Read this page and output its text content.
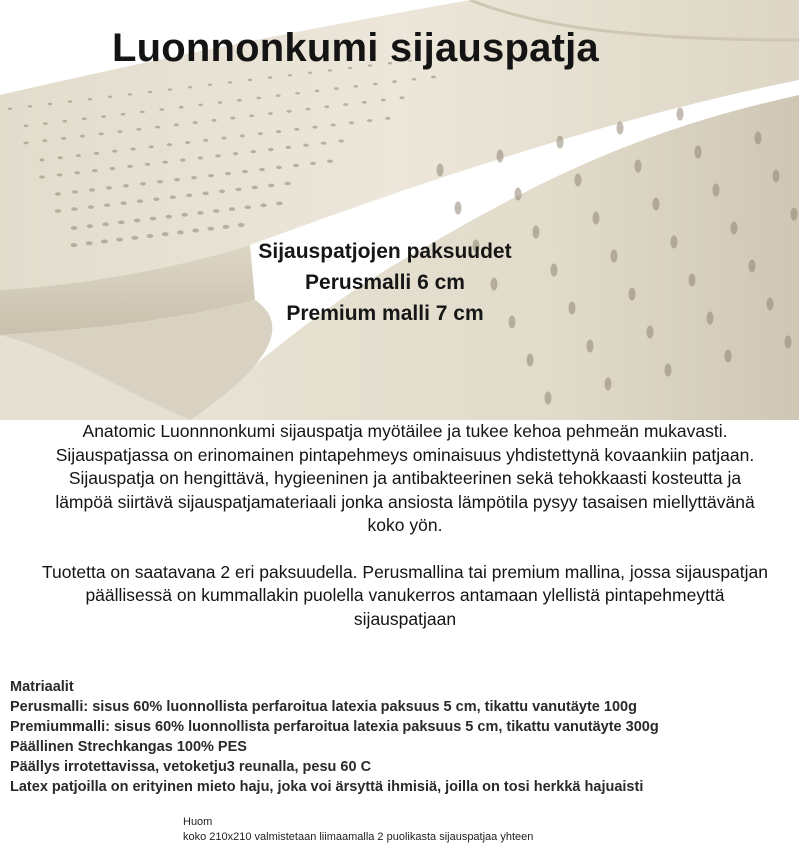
Luonnonkumi sijauspatja
Sijauspatjojen paksuudet
Perusmalli 6 cm
Premium malli 7 cm

Anatomic Luonnnonkumi sijauspatja myötäilee ja tukee kehoa pehmeän mukavasti. Sijauspatjassa on erinomainen pintapehmeys ominaisuus yhdistettynä kovaankiin patjaan. Sijauspatja on hengittävä, hygieeninen ja antibakteerinen sekä tehokkaasti kosteutta ja lämpöä siirtävä sijauspatjamateriaali jonka ansiosta lämpötila pysyy tasaisen miellyttävänä koko yön.

Tuotetta on saatavana 2 eri paksuudella. Perusmallina tai premium mallina, jossa sijauspatjan päällisessä on kummallakin puolella vanukerros antamaan ylellistä pintapehmeyttä sijauspatjaan

Matriaalit
Perusmalli: sisus 60% luonnollista perfaroitua latexia paksuus 5 cm, tikattu vanutäyte 100g
Premiummalli: sisus 60% luonnollista perfaroitua latexia paksuus 5 cm, tikattu vanutäyte 300g
Päällinen Strechkangas 100% PES
Päällys irrotettavissa, vetoketju3 reunalla, pesu 60 C
Latex patjoilla on erityinen mieto haju, joka voi ärsyttä ihmisiä, joilla on tosi herkkä hajuaisti
Huom
koko 210x210 valmistetaan liimaamalla 2 puolikasta sijauspatjaa yhteen
